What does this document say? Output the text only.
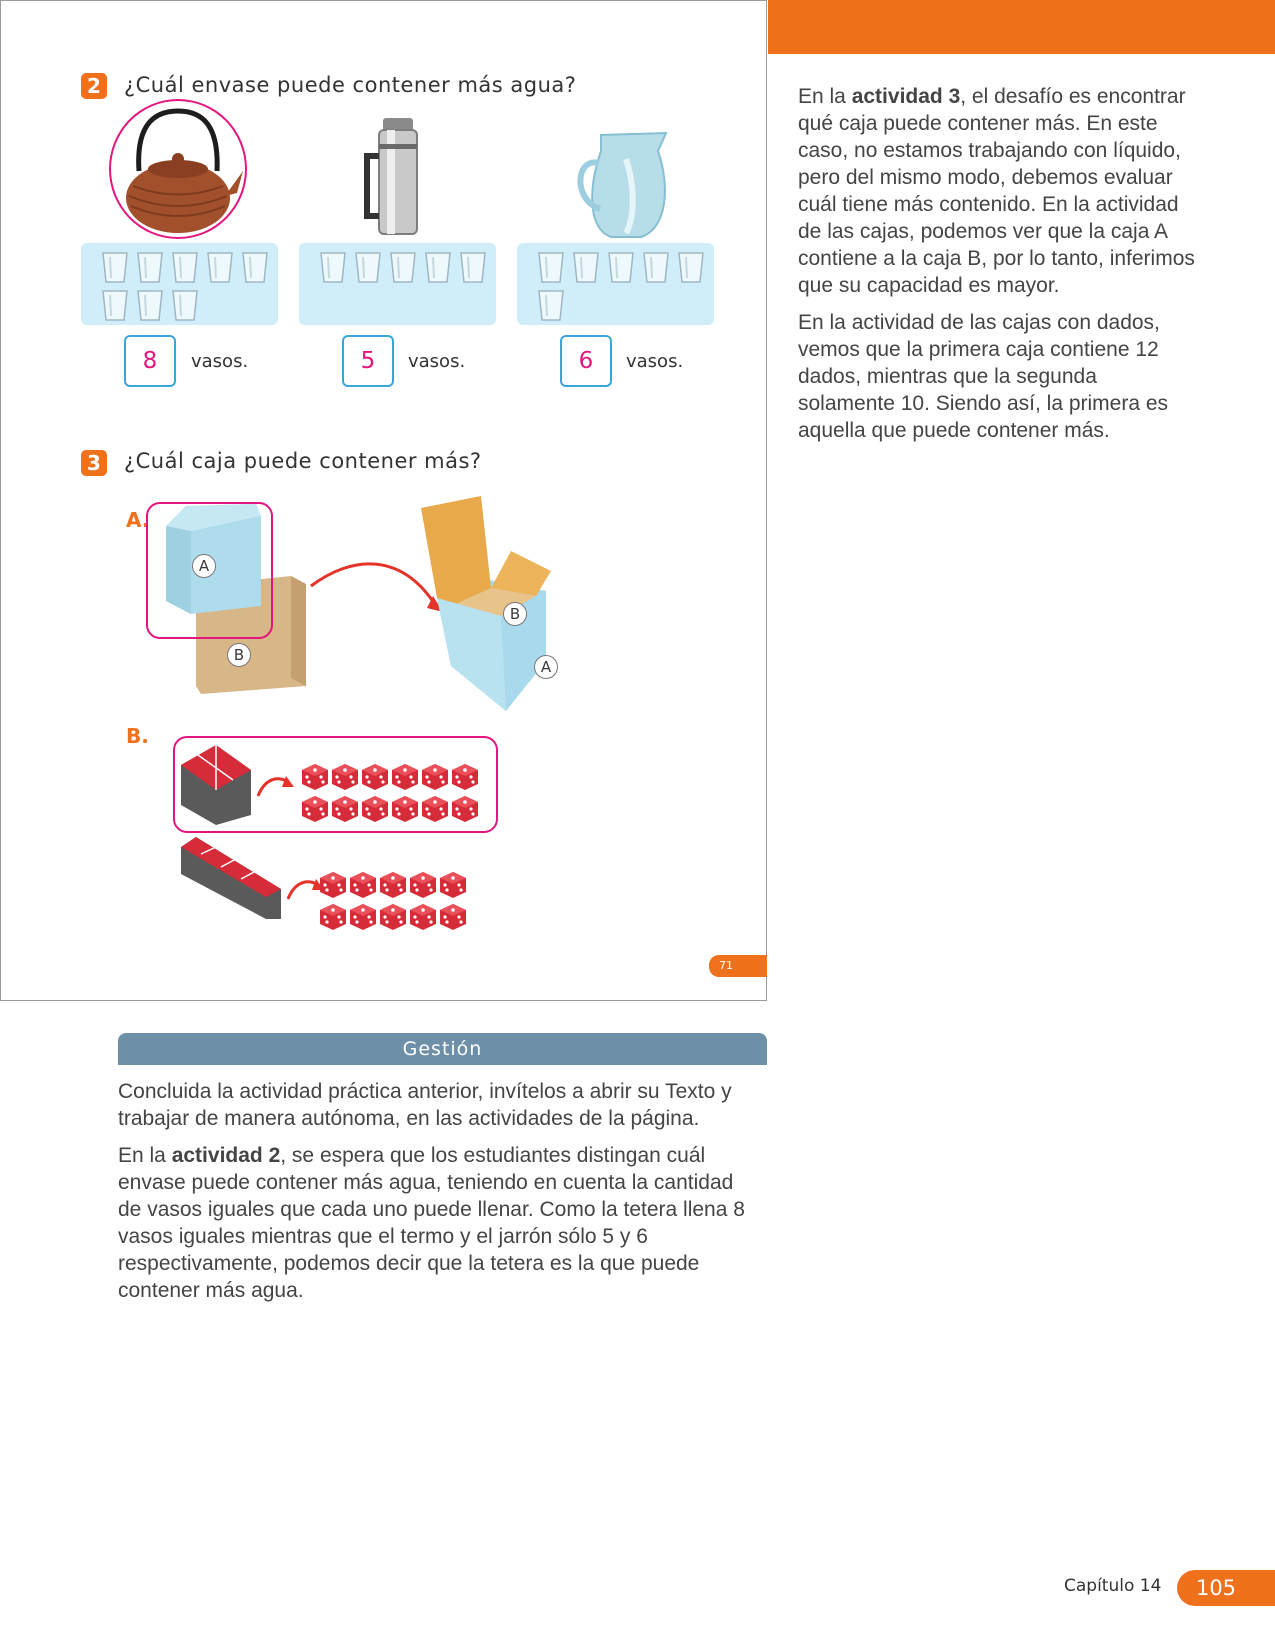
2 ¿Cuál envase puede contener más agua?
8	vasos.	5	vasos.	6	vasos.
3 ¿Cuál caja puede contener más?
A.
A
B
B
A
B.
71

En la actividad 3, el desafío es encontrar qué caja puede contener más. En este caso, no estamos trabajando con líquido, pero del mismo modo, debemos evaluar cuál tiene más contenido. En la actividad de las cajas, podemos ver que la caja A contiene a la caja B, por lo tanto, inferimos que su capacidad es mayor.

En la actividad de las cajas con dados, vemos que la primera caja contiene 12 dados, mientras que la segunda solamente 10. Siendo así, la primera es aquella que puede contener más.

Gestión

Concluida la actividad práctica anterior, invítelos a abrir su Texto y trabajar de manera autónoma, en las actividades de la página.

En la actividad 2, se espera que los estudiantes distingan cuál envase puede contener más agua, teniendo en cuenta la cantidad de vasos iguales que cada uno puede llenar. Como la tetera llena 8 vasos iguales mientras que el termo y el jarrón sólo 5 y 6 respectivamente, podemos decir que la tetera es la que puede contener más agua.

Capítulo 14	105
